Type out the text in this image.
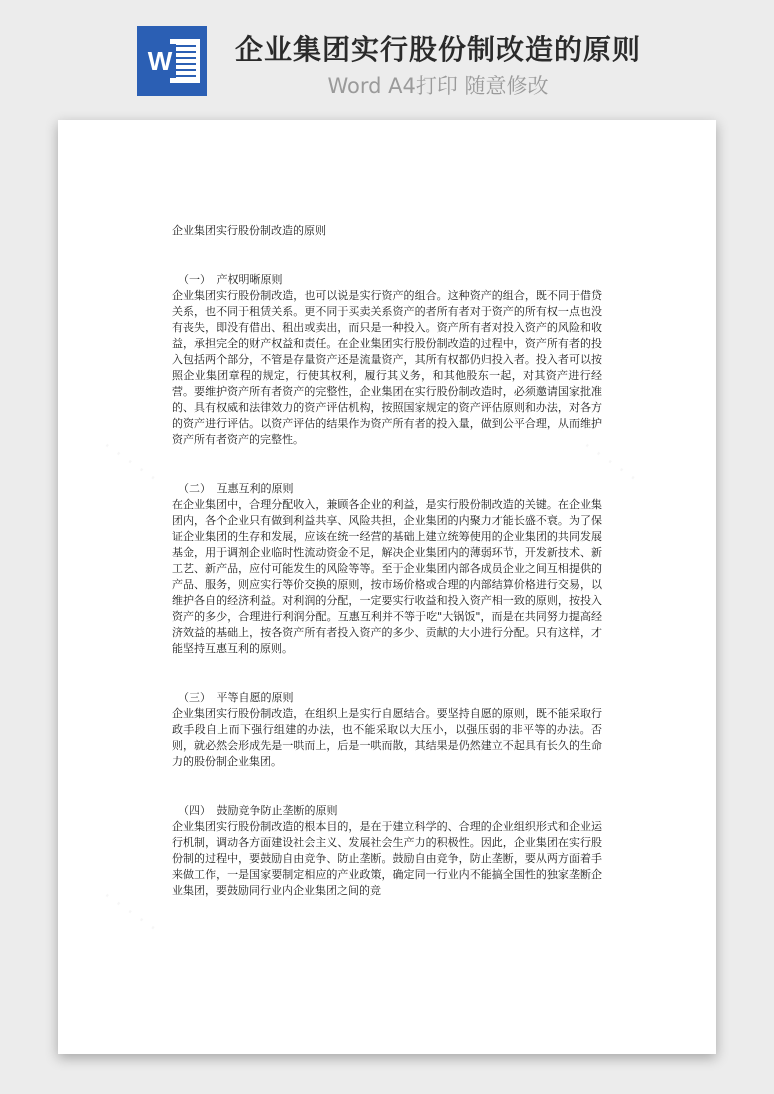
W 企业集团实行股份制改造的原则
Word A4打印 随意修改

企业集团实行股份制改造的原则

（一）　产权明晰原则

企业集团实行股份制改造，也可以说是实行资产的组合。这种资产的组合，既不同于借贷关系，也不同于租赁关系。更不同于买卖关系资产的者所有者对于资产的所有权一点也没有丧失，即没有借出、租出或卖出，而只是一种投入。资产所有者对投入资产的风险和收益，承担完全的财产权益和责任。在企业集团实行股份制改造的过程中，资产所有者的投入包括两个部分，不管是存量资产还是流量资产，其所有权都仍归投入者。投入者可以按照企业集团章程的规定，行使其权利，履行其义务，和其他股东一起，对其资产进行经营。要维护资产所有者资产的完整性，企业集团在实行股份制改造时，必须邀请国家批准的、具有权威和法律效力的资产评估机构，按照国家规定的资产评估原则和办法，对各方的资产进行评估。以资产评估的结果作为资产所有者的投入量，做到公平合理，从而维护资产所有者资产的完整性。

（二）　互惠互利的原则

在企业集团中，合理分配收入，兼顾各企业的利益，是实行股份制改造的关键。在企业集团内，各个企业只有做到利益共享、风险共担，企业集团的内聚力才能长盛不衰。为了保证企业集团的生存和发展，应该在统一经营的基础上建立统筹使用的企业集团的共同发展基金，用于调剂企业临时性流动资金不足，解决企业集团内的薄弱环节，开发新技术、新工艺、新产品，应付可能发生的风险等等。至于企业集团内部各成员企业之间互相提供的产品、服务，则应实行等价交换的原则，按市场价格或合理的内部结算价格进行交易，以维护各自的经济利益。对利润的分配，一定要实行收益和投入资产相一致的原则，按投入资产的多少，合理进行利润分配。互惠互利并不等于吃"大锅饭"，而是在共同努力提高经济效益的基础上，按各资产所有者投入资产的多少、贡献的大小进行分配。只有这样，才能坚持互惠互利的原则。

（三）　平等自愿的原则

企业集团实行股份制改造，在组织上是实行自愿结合。要坚持自愿的原则，既不能采取行政手段自上而下强行组建的办法，也不能采取以大压小，以强压弱的非平等的办法。否则，就必然会形成先是一哄而上，后是一哄而散，其结果是仍然建立不起具有长久的生命力的股份制企业集团。

（四）　鼓励竞争防止垄断的原则

企业集团实行股份制改造的根本目的，是在于建立科学的、合理的企业组织形式和企业运行机制，调动各方面建设社会主义、发展社会生产力的积极性。因此，企业集团在实行股份制的过程中，要鼓励自由竞争、防止垄断。鼓励自由竞争，防止垄断，要从两方面着手来做工作，一是国家要制定相应的产业政策，确定同一行业内不能搞全国性的独家垄断企业集团，要鼓励同行业内企业集团之间的竞
